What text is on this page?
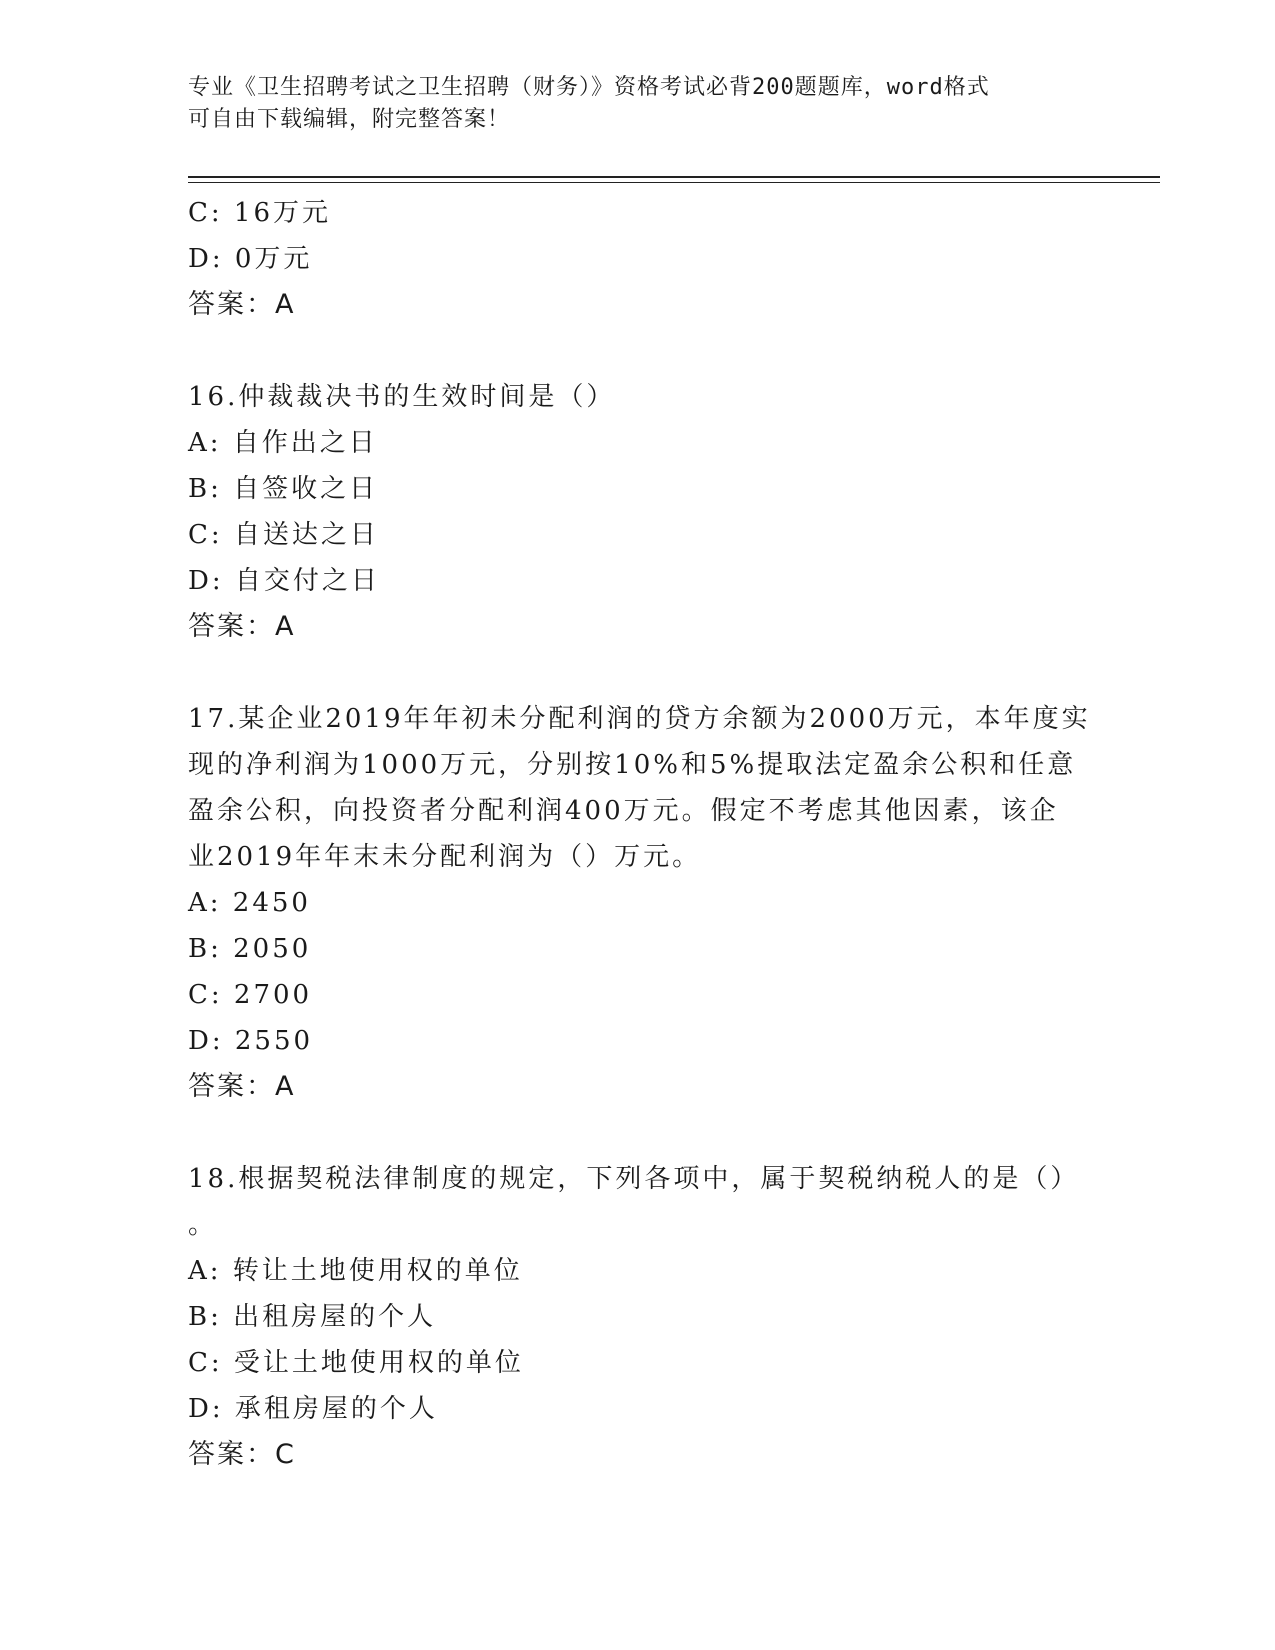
专业《卫生招聘考试之卫生招聘（财务）》资格考试必背200题题库，word格式
可自由下载编辑，附完整答案！
C: 16万元
D: 0万元
答案：A
16.仲裁裁决书的生效时间是（）
A: 自作出之日
B: 自签收之日
C: 自送达之日
D: 自交付之日
答案：A
17.某企业2019年年初未分配利润的贷方余额为2000万元，本年度实
现的净利润为1000万元，分别按10%和5%提取法定盈余公积和任意
盈余公积，向投资者分配利润400万元。假定不考虑其他因素，该企
业2019年年末未分配利润为（）万元。
A: 2450
B: 2050
C: 2700
D: 2550
答案：A
18.根据契税法律制度的规定，下列各项中，属于契税纳税人的是（）
。
A: 转让土地使用权的单位
B: 出租房屋的个人
C: 受让土地使用权的单位
D: 承租房屋的个人
答案：C
